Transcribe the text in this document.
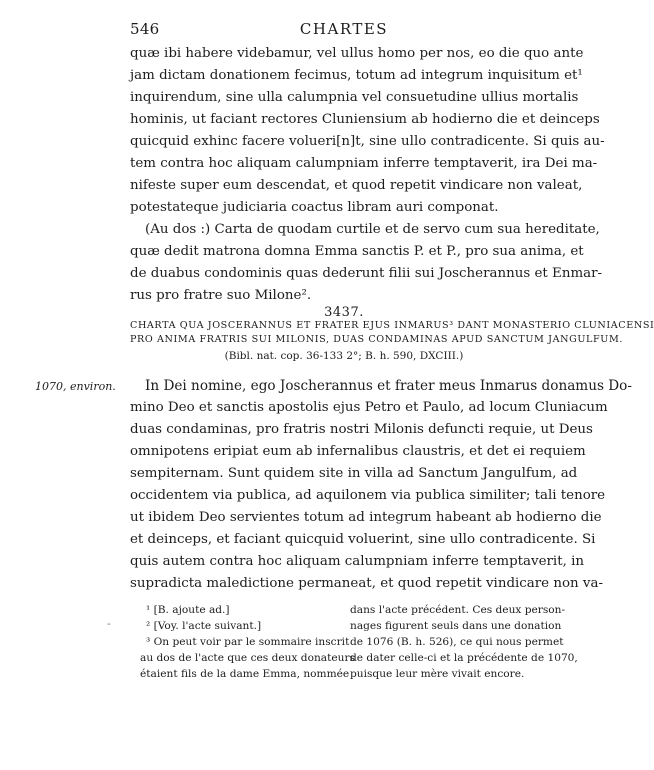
546	CHARTES
quæ ibi habere videbamur, vel ullus homo per nos, eo die quo ante
jam dictam donationem fecimus, totum ad integrum inquisitum et¹
inquirendum, sine ulla calumpnia vel consuetudine ullius mortalis
hominis, ut faciant rectores Cluniensium ab hodierno die et deinceps
quicquid exhinc facere volueri[n]t, sine ullo contradicente. Si quis au-
tem contra hoc aliquam calumpniam inferre temptaverit, ira Dei ma-
nifeste super eum descendat, et quod repetit vindicare non valeat,
potestateque judiciaria coactus libram auri componat.
(Au dos :) Carta de quodam curtile et de servo cum sua hereditate,
quæ dedit matrona domna Emma sanctis P. et P., pro sua anima, et
de duabus condominis quas dederunt filii sui Joscherannus et Enmar-
rus pro fratre suo Milone².
3437.
CHARTA QUA JOSCERANNUS ET FRATER EJUS INMARUS³ DANT MONASTERIO CLUNIACENSI
PRO ANIMA FRATRIS SUI MILONIS, DUAS CONDAMINAS APUD SANCTUM JANGULFUM.
(Bibl. nat. cop. 36-133 2°; B. h. 590, DXCIII.)
1070, environ. In Dei nomine, ego Joscherannus et frater meus Inmarus donamus Do-
mino Deo et sanctis apostolis ejus Petro et Paulo, ad locum Cluniacum
duas condaminas, pro fratris nostri Milonis defuncti requie, ut Deus
omnipotens eripiat eum ab infernalibus claustris, et det ei requiem
sempiternam. Sunt quidem site in villa ad Sanctum Jangulfum, ad
occidentem via publica, ad aquilonem via publica similiter; tali tenore
ut ibidem Deo servientes totum ad integrum habeant ab hodierno die
et deinceps, et faciant quicquid voluerint, sine ullo contradicente. Si
quis autem contra hoc aliquam calumpniam inferre temptaverit, in
supradicta maledictione permaneat, et quod repetit vindicare non va-
¹ [B. ajoute ad.]
² [Voy. l'acte suivant.]
³ On peut voir par le sommaire inscrit
au dos de l'acte que ces deux donateurs
étaient fils de la dame Emma, nommée
dans l'acte précédent. Ces deux person-
nages figurent seuls dans une donation
de 1076 (B. h. 526), ce qui nous permet
de dater celle-ci et la précédente de 1070,
puisque leur mère vivait encore.
‐
